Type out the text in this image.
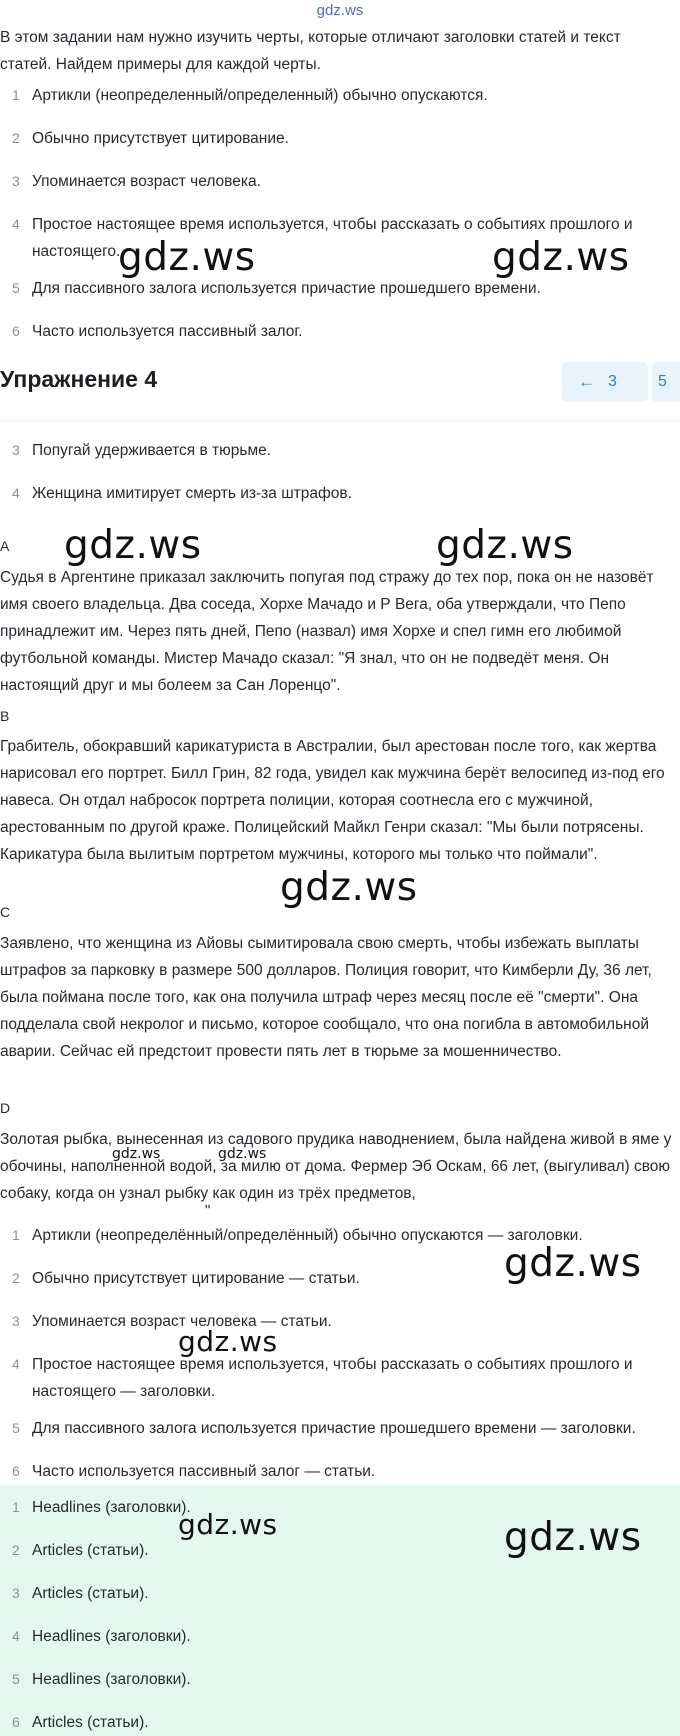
gdz.ws
В этом задании нам нужно изучить черты, которые отличают заголовки статей и текст статей. Найдем примеры для каждой черты.
1 Артикли (неопределенный/определенный) обычно опускаются.
2 Обычно присутствует цитирование.
3 Упоминается возраст человека.
4 Простое настоящее время используется, чтобы рассказать о событиях прошлого и настоящего.
5 Для пассивного залога используется причастие прошедшего времени.
6 Часто используется пассивный залог.
Упражнение 4	← 3	5
3 Попугай удерживается в тюрьме.
4 Женщина имитирует смерть из-за штрафов.
A
Судья в Аргентине приказал заключить попугая под стражу до тех пор, пока он не назовёт имя своего владельца. Два соседа, Хорхе Мачадо и Р Вега, оба утверждали, что Пепо принадлежит им. Через пять дней, Пепо (назвал) имя Хорхе и спел гимн его любимой футбольной команды. Мистер Мачадо сказал: "Я знал, что он не подведёт меня. Он настоящий друг и мы болеем за Сан Лоренцо".
B
Грабитель, обокравший карикатуриста в Австралии, был арестован после того, как жертва нарисовал его портрет. Билл Грин, 82 года, увидел как мужчина берёт велосипед из-под его навеса. Он отдал набросок портрета полиции, которая соотнесла его с мужчиной, арестованным по другой краже. Полицейский Майкл Генри сказал: "Мы были потрясены. Карикатура была вылитым портретом мужчины, которого мы только что поймали".
C
Заявлено, что женщина из Айовы сымитировала свою смерть, чтобы избежать выплаты штрафов за парковку в размере 500 долларов. Полиция говорит, что Кимберли Ду, 36 лет, была поймана после того, как она получила штраф через месяц после её "смерти". Она подделала свой некролог и письмо, которое сообщало, что она погибла в автомобильной аварии. Сейчас ей предстоит провести пять лет в тюрьме за мошенничество.
D
Золотая рыбка, вынесенная из садового прудика наводнением, была найдена живой в яме у обочины, наполненной водой, за милю от дома. Фермер Эб Оскам, 66 лет, (выгуливал) свою собаку, когда он узнал рыбку как один из трёх предметов,
"
1 Артикли (неопределённый/определённый) обычно опускаются — заголовки.
2 Обычно присутствует цитирование — статьи.
3 Упоминается возраст человека — статьи.
4 Простое настоящее время используется, чтобы рассказать о событиях прошлого и настоящего — заголовки.
5 Для пассивного залога используется причастие прошедшего времени — заголовки.
6 Часто используется пассивный залог — статьи.
1 Headlines (заголовки).
2 Articles (статьи).
3 Articles (статьи).
4 Headlines (заголовки).
5 Headlines (заголовки).
6 Articles (статьи).
gdz.ws	gdz.ws
gdz.ws	gdz.ws
gdz.ws
gdz.ws
gdz.ws
gdz.ws
gdz.ws
gdz.ws	gdz.ws
